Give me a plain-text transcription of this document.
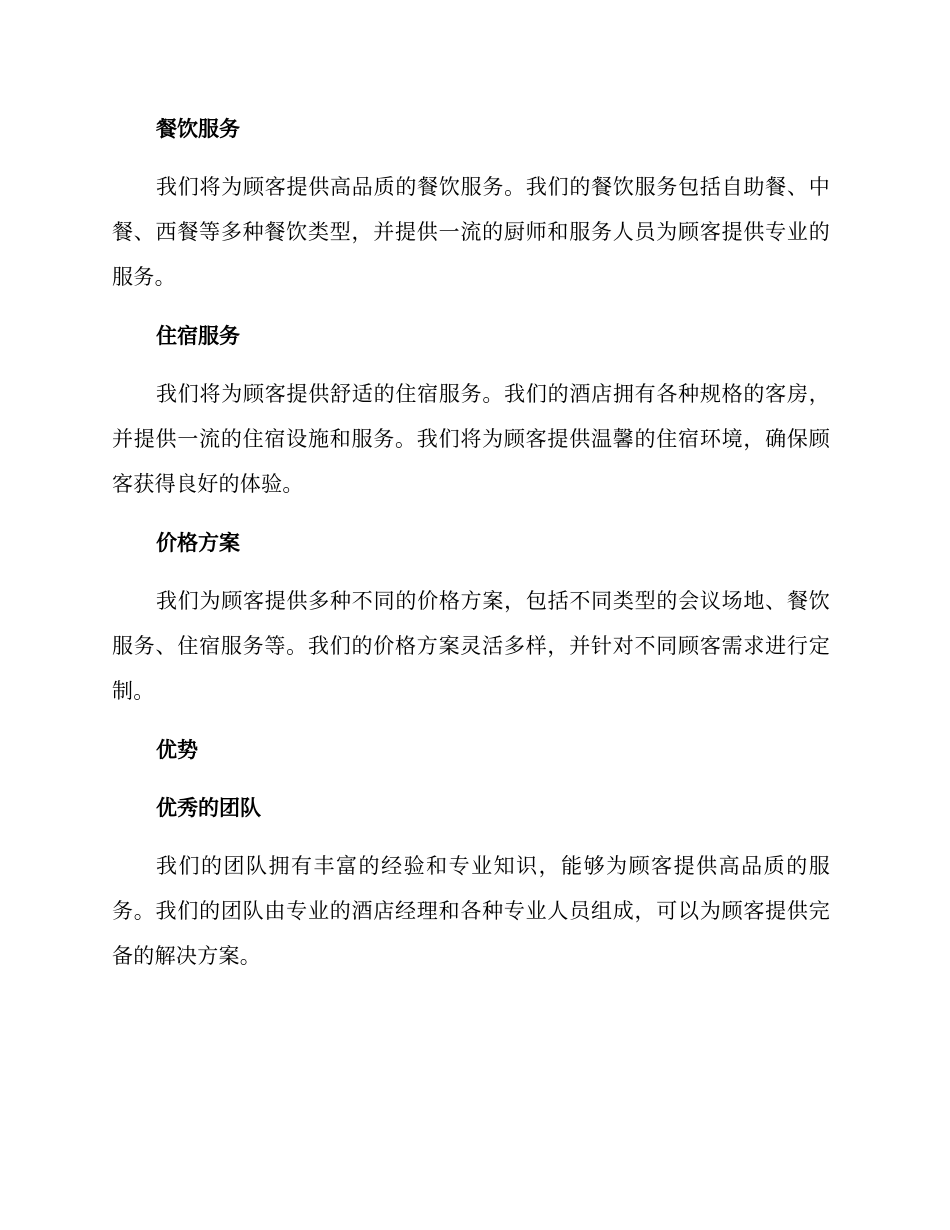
餐饮服务

我们将为顾客提供高品质的餐饮服务。我们的餐饮服务包括自助餐、中餐、西餐等多种餐饮类型，并提供一流的厨师和服务人员为顾客提供专业的服务。

住宿服务

我们将为顾客提供舒适的住宿服务。我们的酒店拥有各种规格的客房，并提供一流的住宿设施和服务。我们将为顾客提供温馨的住宿环境，确保顾客获得良好的体验。

价格方案

我们为顾客提供多种不同的价格方案，包括不同类型的会议场地、餐饮服务、住宿服务等。我们的价格方案灵活多样，并针对不同顾客需求进行定制。

优势
优秀的团队

我们的团队拥有丰富的经验和专业知识，能够为顾客提供高品质的服务。我们的团队由专业的酒店经理和各种专业人员组成，可以为顾客提供完备的解决方案。
